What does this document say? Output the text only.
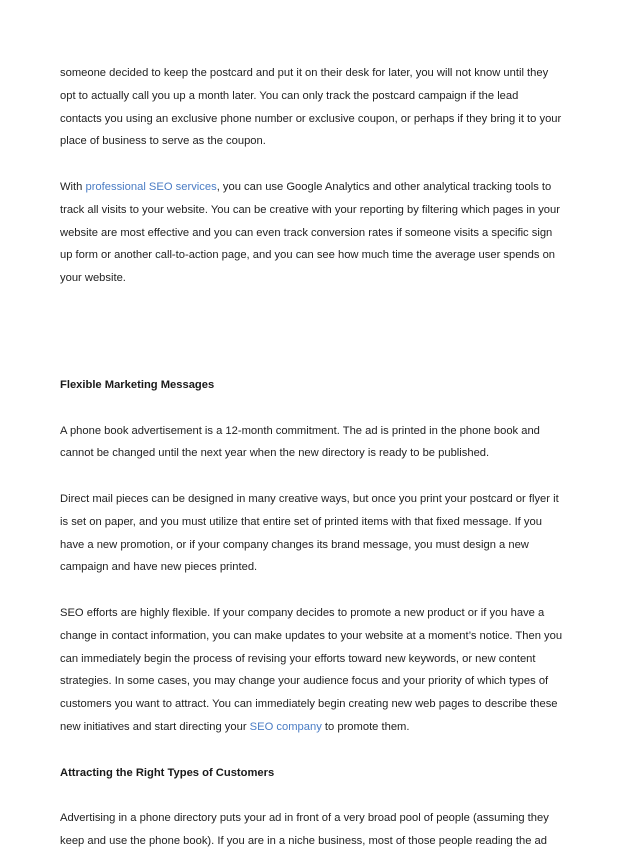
someone decided to keep the postcard and put it on their desk for later, you will not know until they
opt to actually call you up a month later. You can only track the postcard campaign if the lead
contacts you using an exclusive phone number or exclusive coupon, or perhaps if they bring it to your
place of business to serve as the coupon.
With professional SEO services, you can use Google Analytics and other analytical tracking tools to
track all visits to your website. You can be creative with your reporting by filtering which pages in your
website are most effective and you can even track conversion rates if someone visits a specific sign
up form or another call-to-action page, and you can see how much time the average user spends on
your website.
Flexible Marketing Messages
A phone book advertisement is a 12-month commitment. The ad is printed in the phone book and
cannot be changed until the next year when the new directory is ready to be published.
Direct mail pieces can be designed in many creative ways, but once you print your postcard or flyer it
is set on paper, and you must utilize that entire set of printed items with that fixed message. If you
have a new promotion, or if your company changes its brand message, you must design a new
campaign and have new pieces printed.
SEO efforts are highly flexible. If your company decides to promote a new product or if you have a
change in contact information, you can make updates to your website at a moment’s notice. Then you
can immediately begin the process of revising your efforts toward new keywords, or new content
strategies. In some cases, you may change your audience focus and your priority of which types of
customers you want to attract. You can immediately begin creating new web pages to describe these
new initiatives and start directing your SEO company to promote them.
Attracting the Right Types of Customers
Advertising in a phone directory puts your ad in front of a very broad pool of people (assuming they
keep and use the phone book). If you are in a niche business, most of those people reading the ad
